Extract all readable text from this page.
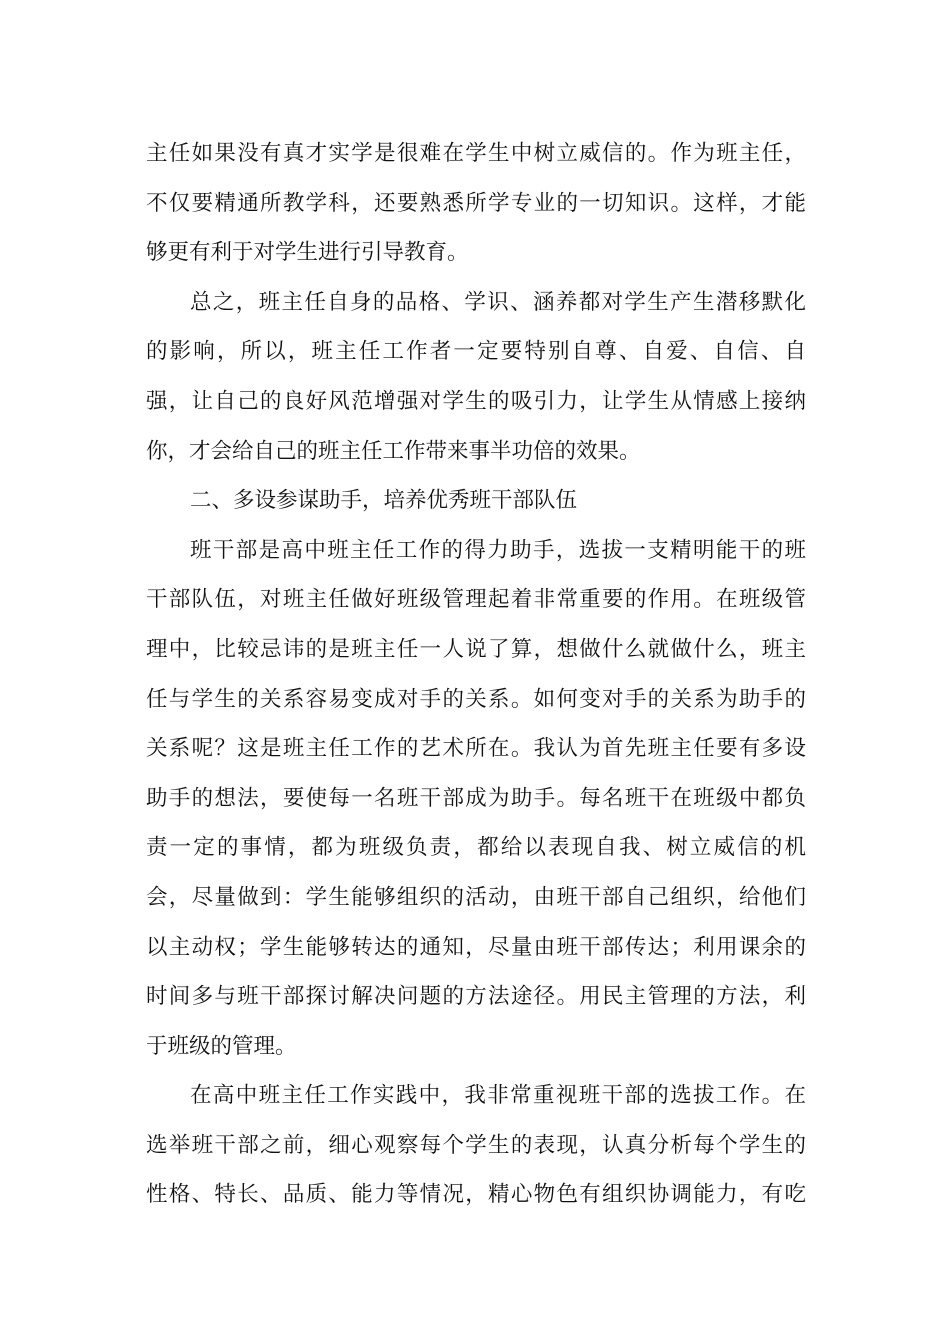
主任如果没有真才实学是很难在学生中树立威信的。作为班主任，
不仅要精通所教学科，还要熟悉所学专业的一切知识。这样，才能
够更有利于对学生进行引导教育。
总之，班主任自身的品格、学识、涵养都对学生产生潜移默化
的影响，所以，班主任工作者一定要特别自尊、自爱、自信、自
强，让自己的良好风范增强对学生的吸引力，让学生从情感上接纳
你，才会给自己的班主任工作带来事半功倍的效果。
二、多设参谋助手，培养优秀班干部队伍
班干部是高中班主任工作的得力助手，选拔一支精明能干的班
干部队伍，对班主任做好班级管理起着非常重要的作用。在班级管
理中，比较忌讳的是班主任一人说了算，想做什么就做什么，班主
任与学生的关系容易变成对手的关系。如何变对手的关系为助手的
关系呢？这是班主任工作的艺术所在。我认为首先班主任要有多设
助手的想法，要使每一名班干部成为助手。每名班干在班级中都负
责一定的事情，都为班级负责，都给以表现自我、树立威信的机
会，尽量做到：学生能够组织的活动，由班干部自己组织，给他们
以主动权；学生能够转达的通知，尽量由班干部传达；利用课余的
时间多与班干部探讨解决问题的方法途径。用民主管理的方法，利
于班级的管理。
在高中班主任工作实践中，我非常重视班干部的选拔工作。在
选举班干部之前，细心观察每个学生的表现，认真分析每个学生的
性格、特长、品质、能力等情况，精心物色有组织协调能力，有吃
